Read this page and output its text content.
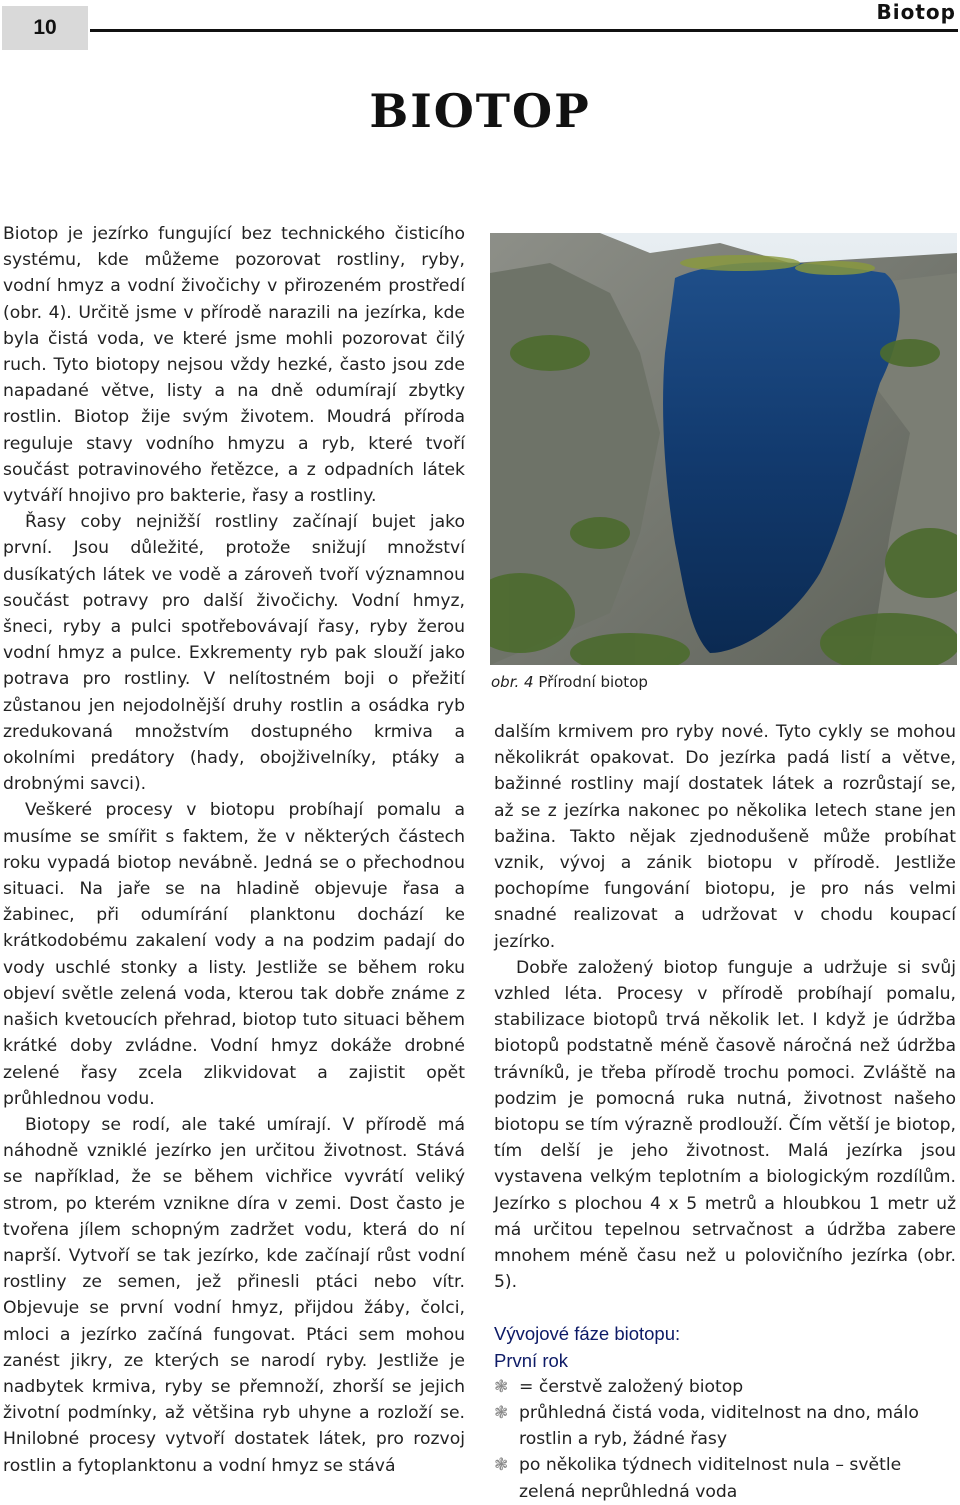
10
Biotop
BIOTOP

Biotop je jezírko fungující bez technického čisticího systému, kde můžeme pozorovat rostliny, ryby, vodní hmyz a vodní živočichy v přirozeném prostředí (obr. 4). Určitě jsme v přírodě narazili na jezírka, kde byla čistá voda, ve které jsme mohli pozorovat čilý ruch. Tyto biotopy nejsou vždy hezké, často jsou zde napadané větve, listy a na dně odumírají zbytky rostlin. Biotop žije svým životem. Moudrá příroda reguluje stavy vodního hmyzu a ryb, které tvoří součást potravinového řetězce, a z odpadních látek vytváří hnojivo pro bakterie, řasy a rostliny.

Řasy coby nejnižší rostliny začínají bujet jako první. Jsou důležité, protože snižují množství dusíkatých látek ve vodě a zároveň tvoří významnou součást potravy pro další živočichy. Vodní hmyz, šneci, ryby a pulci spotřebovávají řasy, ryby žerou vodní hmyz a pulce. Exkrementy ryb pak slouží jako potrava pro rostliny. V nelítostném boji o přežití zůstanou jen nejodolnější druhy rostlin a osádka ryb zredukovaná množstvím dostupného krmiva a okolními predátory (hady, obojživelníky, ptáky a drobnými savci).

Veškeré procesy v biotopu probíhají pomalu a musíme se smířit s faktem, že v některých částech roku vypadá biotop nevábně. Jedná se o přechodnou situaci. Na jaře se na hladině objevuje řasa a žabinec, při odumírání planktonu dochází ke krátkodobému zakalení vody a na podzim padají do vody uschlé stonky a listy. Jestliže se během roku objeví světle zelená voda, kterou tak dobře známe z našich kvetoucích přehrad, biotop tuto situaci během krátké doby zvládne. Vodní hmyz dokáže drobné zelené řasy zcela zlikvidovat a zajistit opět průhlednou vodu.

Biotopy se rodí, ale také umírají. V přírodě má náhodně vzniklé jezírko jen určitou životnost. Stává se například, že se během vichřice vyvrátí veliký strom, po kterém vznikne díra v zemi. Dost často je tvořena jílem schopným zadržet vodu, která do ní naprší. Vytvoří se tak jezírko, kde začínají růst vodní rostliny ze semen, jež přinesli ptáci nebo vítr. Objevuje se první vodní hmyz, přijdou žáby, čolci, mloci a jezírko začíná fungovat. Ptáci sem mohou zanést jikry, ze kterých se narodí ryby. Jestliže je nadbytek krmiva, ryby se přemnoží, zhorší se jejich životní podmínky, až většina ryb uhyne a rozloží se. Hnilobné procesy vytvoří dostatek látek, pro rozvoj rostlin a fytoplanktonu a vodní hmyz se stává

obr. 4 Přírodní biotop

dalším krmivem pro ryby nové. Tyto cykly se mohou několikrát opakovat. Do jezírka padá listí a větve, bažinné rostliny mají dostatek látek a rozrůstají se, až se z jezírka nakonec po několika letech stane jen bažina. Takto nějak zjednodušeně může probíhat vznik, vývoj a zánik biotopu v přírodě. Jestliže pochopíme fungování biotopu, je pro nás velmi snadné realizovat a udržovat v chodu koupací jezírko.

Dobře založený biotop funguje a udržuje si svůj vzhled léta. Procesy v přírodě probíhají pomalu, stabilizace biotopů trvá několik let. I když je údržba biotopů podstatně méně časově náročná než údržba trávníků, je třeba přírodě trochu pomoci. Zvláště na podzim je pomocná ruka nutná, životnost našeho biotopu se tím výrazně prodlouží. Čím větší je biotop, tím delší je jeho životnost. Malá jezírka jsou vystavena velkým teplotním a biologickým rozdílům. Jezírko s plochou 4 x 5 metrů a hloubkou 1 metr už má určitou tepelnou setrvačnost a údržba zabere mnohem méně času než u polovičního jezírka (obr. 5).

Vývojové fáze biotopu:
První rok
❃ = čerstvě založený biotop
❃ průhledná čistá voda, viditelnost na dno, málo rostlin a ryb, žádné řasy
❃ po několika týdnech viditelnost nula – světle zelená neprůhledná voda
